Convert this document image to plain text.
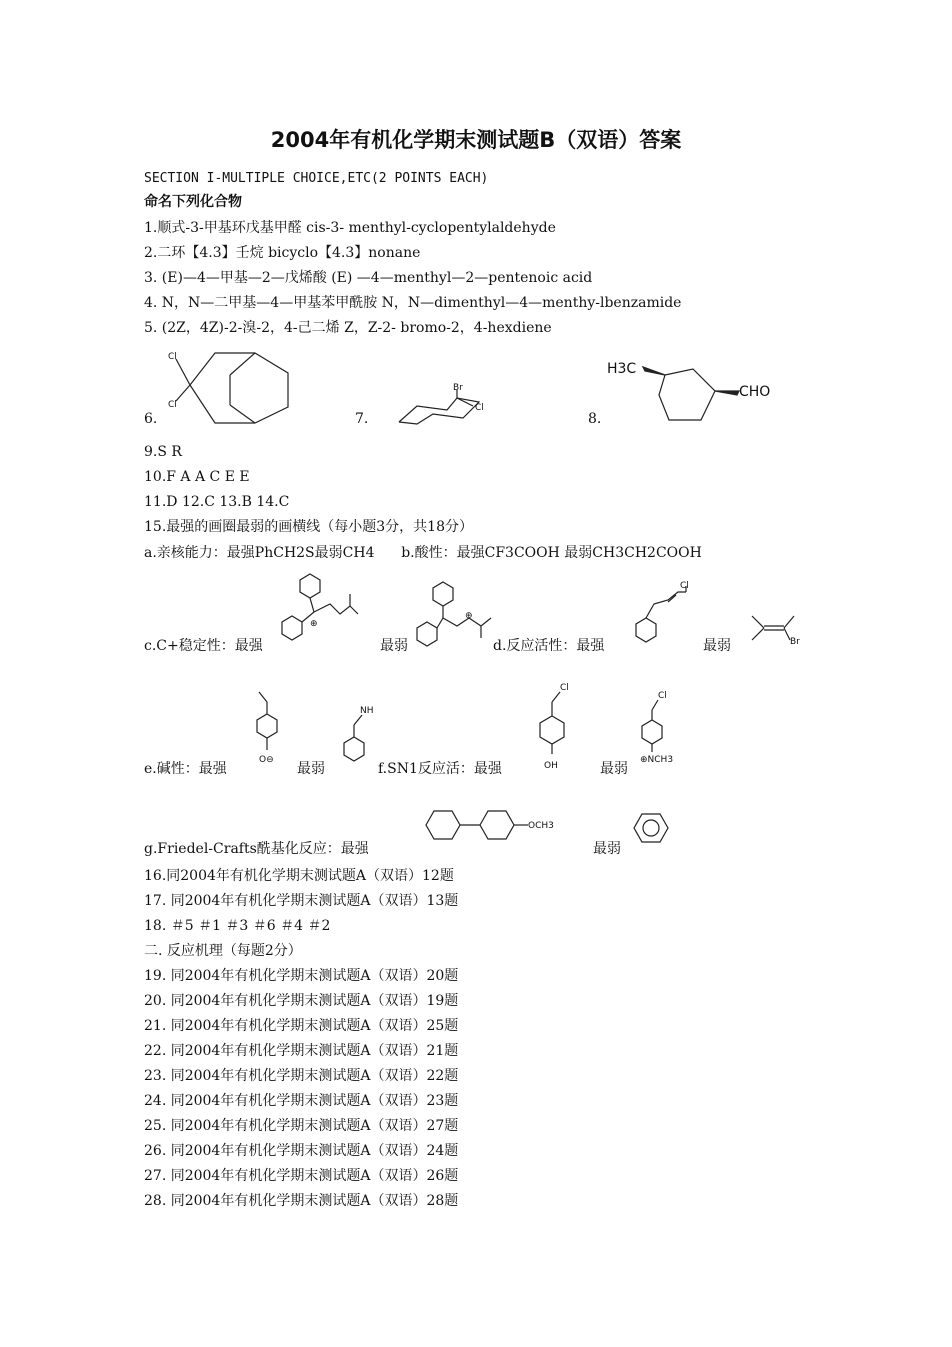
2004年有机化学期末测试题B（双语）答案
SECTION I-MULTIPLE CHOICE,ETC(2 POINTS EACH)
命名下列化合物
1.顺式-3-甲基环戊基甲醛 cis-3- menthyl-cyclopentylaldehyde
2.二环【4.3】壬烷 bicyclo【4.3】nonane
3. (E)—4—甲基—2—戊烯酸 (E) —4—menthyl—2—pentenoic acid
4. N，N—二甲基—4—甲基苯甲酰胺 N，N—dimenthyl—4—menthy-lbenzamide
5. (2Z，4Z)-2-溴-2，4-己二烯 Z，Z-2- bromo-2，4-hexdiene
6.
Cl
Cl
7.
Br
Cl
8.
H3C
CHO
9.S R
10.F A A C E E
11.D 12.C 13.B 14.C
15.最强的画圈最弱的画横线（每小题3分，共18分）
a.亲核能力：最强PhCH2S最弱CH4 b.酸性：最强CF3COOH 最弱CH3CH2COOH
c.C+稳定性：最强
⊕
最弱
⊕
d.反应活性：最强
Cl
最弱	Br
e.碱性：最强
O⊖
最弱
NH
f.SN1反应活：最强
Cl
OH	最弱
Cl
⊕NCH3
g.Friedel-Crafts酰基化反应：最强
OCH3
最弱
16.同2004年有机化学期末测试题A（双语）12题
17. 同2004年有机化学期末测试题A（双语）13题
18. ＃5 ＃1 ＃3 ＃6 ＃4 ＃2
二. 反应机理（每题2分）
19. 同2004年有机化学期末测试题A（双语）20题
20. 同2004年有机化学期末测试题A（双语）19题
21. 同2004年有机化学期末测试题A（双语）25题
22. 同2004年有机化学期末测试题A（双语）21题
23. 同2004年有机化学期末测试题A（双语）22题
24. 同2004年有机化学期末测试题A（双语）23题
25. 同2004年有机化学期末测试题A（双语）27题
26. 同2004年有机化学期末测试题A（双语）24题
27. 同2004年有机化学期末测试题A（双语）26题
28. 同2004年有机化学期末测试题A（双语）28题
